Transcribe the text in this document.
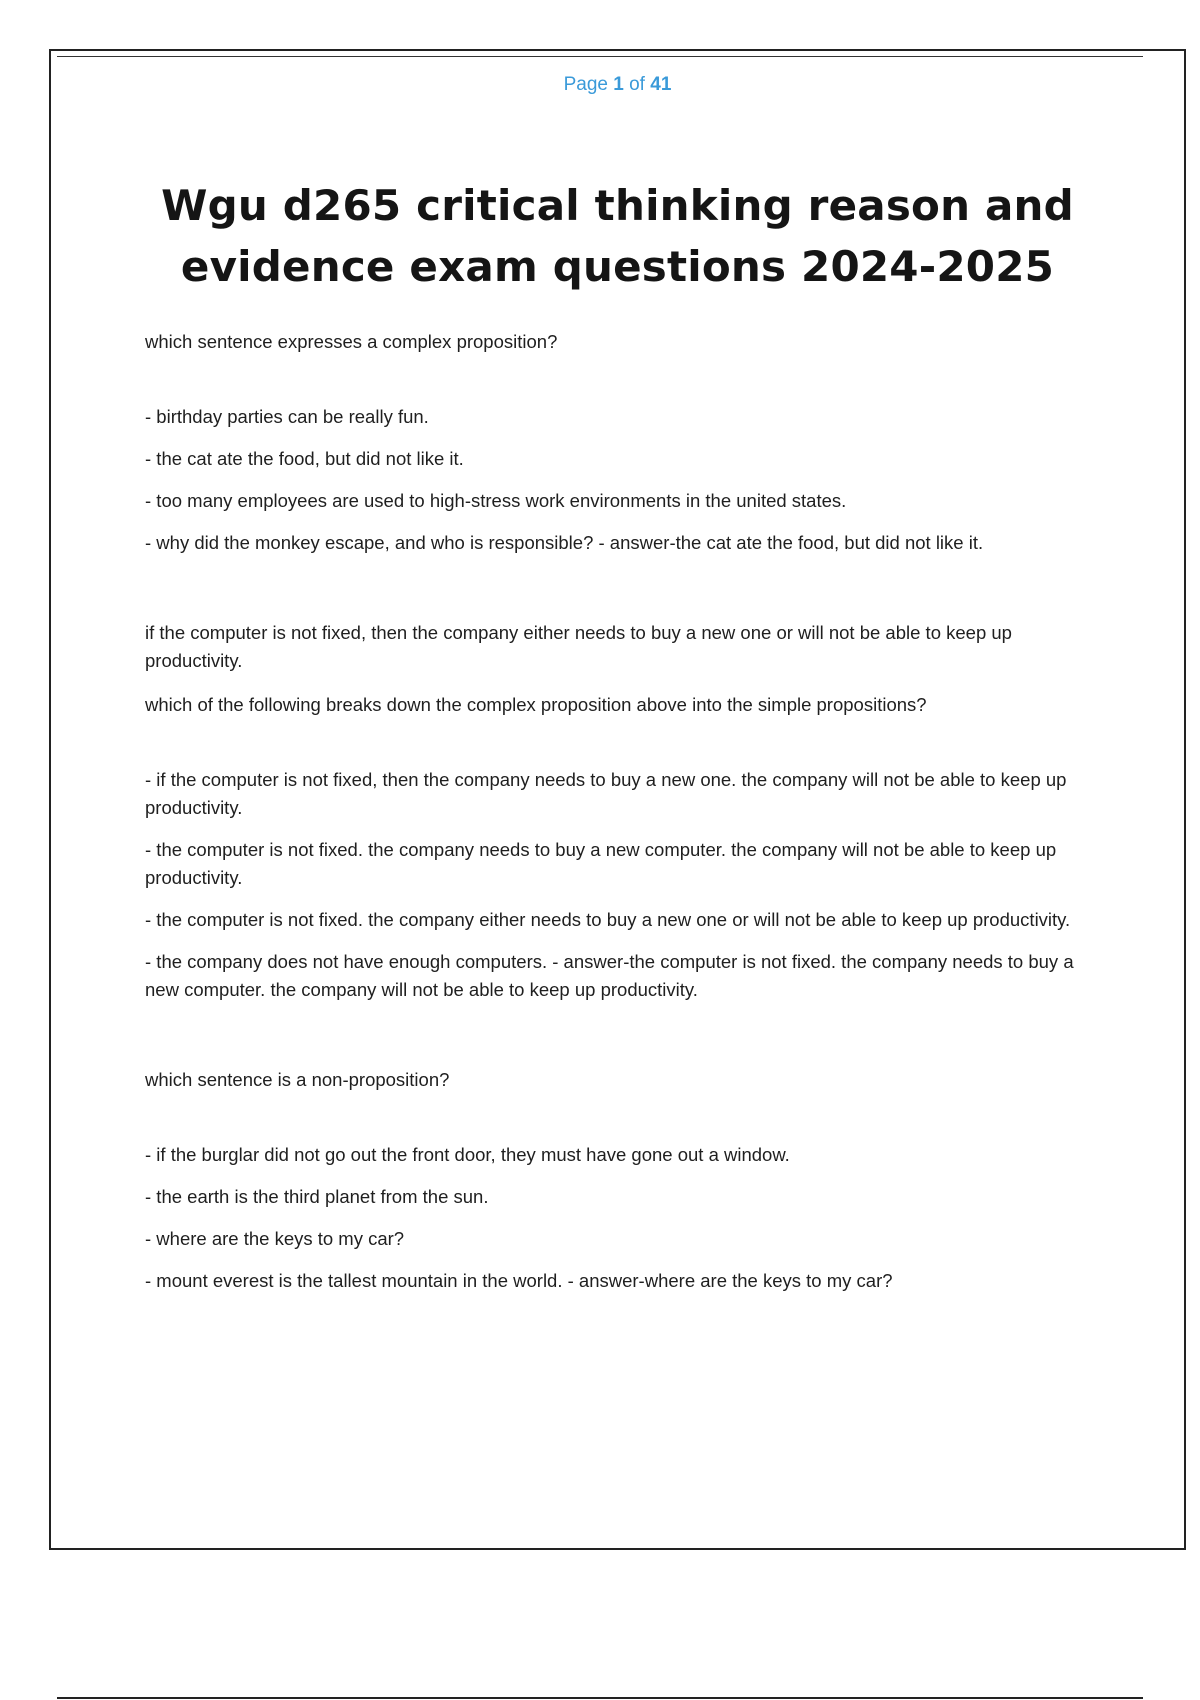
Page 1 of 41
Wgu d265 critical thinking reason and evidence exam questions 2024-2025

which sentence expresses a complex proposition?

- birthday parties can be really fun.

- the cat ate the food, but did not like it.

- too many employees are used to high-stress work environments in the united states.

- why did the monkey escape, and who is responsible? - answer-the cat ate the food, but did not like it.

if the computer is not fixed, then the company either needs to buy a new one or will not be able to keep up productivity.

which of the following breaks down the complex proposition above into the simple propositions?

- if the computer is not fixed, then the company needs to buy a new one. the company will not be able to keep up productivity.

- the computer is not fixed. the company needs to buy a new computer. the company will not be able to keep up productivity.

- the computer is not fixed. the company either needs to buy a new one or will not be able to keep up productivity.

- the company does not have enough computers. - answer-the computer is not fixed. the company needs to buy a new computer. the company will not be able to keep up productivity.

which sentence is a non-proposition?

- if the burglar did not go out the front door, they must have gone out a window.

- the earth is the third planet from the sun.

- where are the keys to my car?

- mount everest is the tallest mountain in the world. - answer-where are the keys to my car?
